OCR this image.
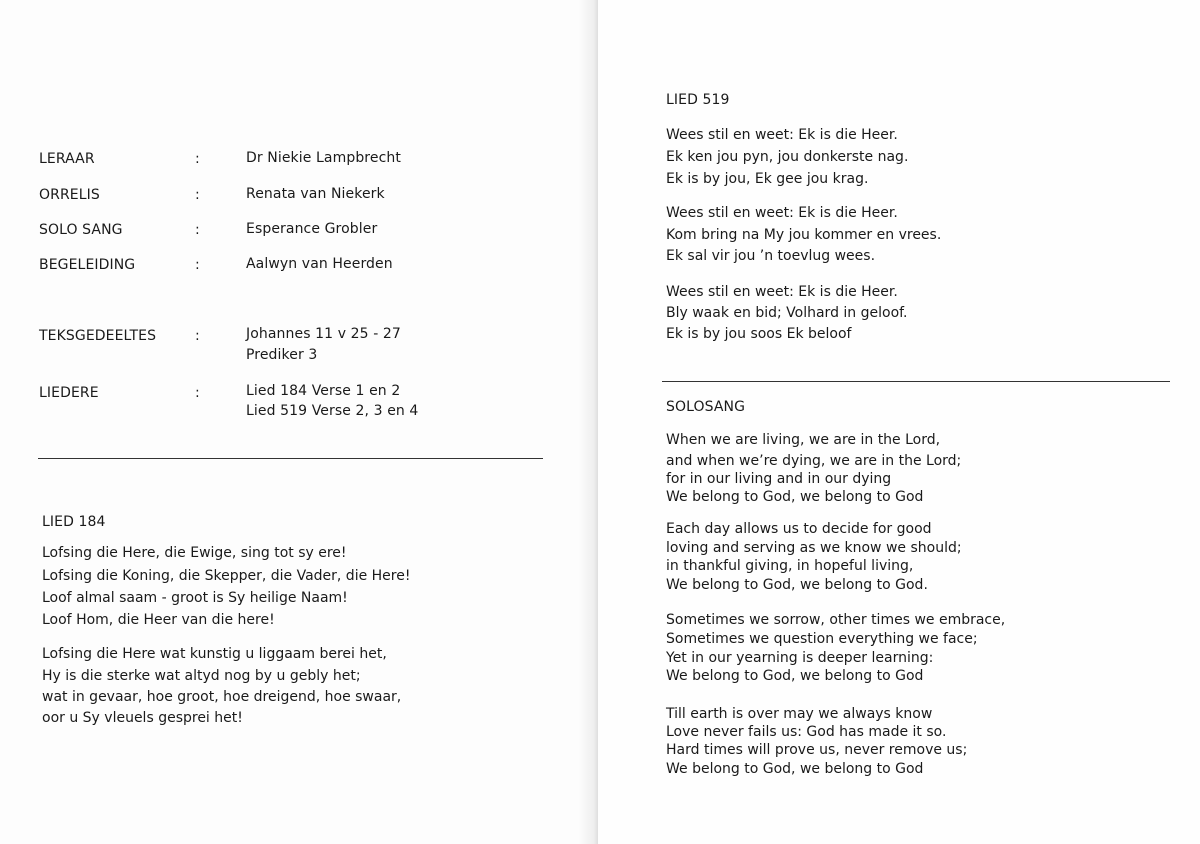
LERAAR	:	Dr Niekie Lampbrecht
ORRELIS	:	Renata van Niekerk
SOLO SANG	:	Esperance Grobler
BEGELEIDING	:	Aalwyn van Heerden
TEKSGEDEELTES	:	Johannes 11 v 25 - 27
Prediker 3
LIEDERE	:	Lied 184 Verse 1 en 2
Lied 519 Verse 2, 3 en 4
LIED 184
Lofsing die Here, die Ewige, sing tot sy ere!
Lofsing die Koning, die Skepper, die Vader, die Here!
Loof almal saam - groot is Sy heilige Naam!
Loof Hom, die Heer van die here!
Lofsing die Here wat kunstig u liggaam berei het,
Hy is die sterke wat altyd nog by u gebly het;
wat in gevaar, hoe groot, hoe dreigend, hoe swaar,
oor u Sy vleuels gesprei het!
LIED 519
Wees stil en weet: Ek is die Heer.
Ek ken jou pyn, jou donkerste nag.
Ek is by jou, Ek gee jou krag.
Wees stil en weet: Ek is die Heer.
Kom bring na My jou kommer en vrees.
Ek sal vir jou ’n toevlug wees.
Wees stil en weet: Ek is die Heer.
Bly waak en bid; Volhard in geloof.
Ek is by jou soos Ek beloof
SOLOSANG
When we are living, we are in the Lord,
and when we’re dying, we are in the Lord;
for in our living and in our dying
We belong to God, we belong to God
Each day allows us to decide for good
loving and serving as we know we should;
in thankful giving, in hopeful living,
We belong to God, we belong to God.
Sometimes we sorrow, other times we embrace,
Sometimes we question everything we face;
Yet in our yearning is deeper learning:
We belong to God, we belong to God
Till earth is over may we always know
Love never fails us: God has made it so.
Hard times will prove us, never remove us;
We belong to God, we belong to God
